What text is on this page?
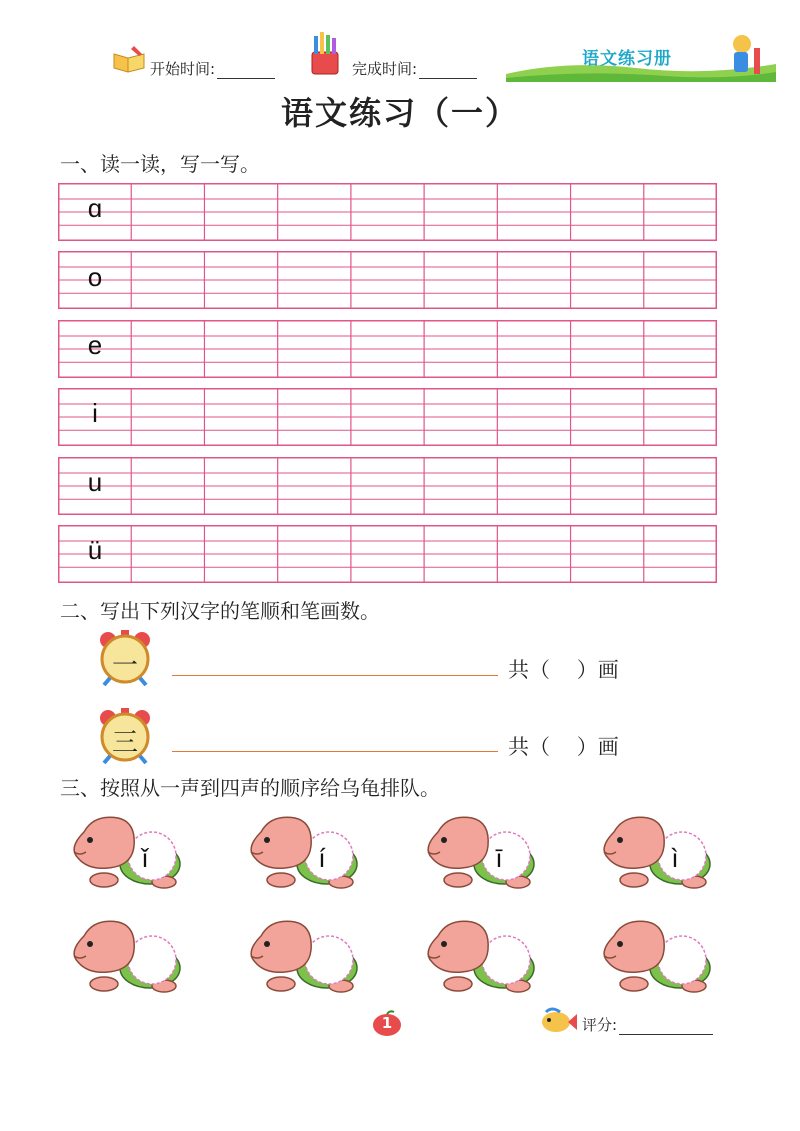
开始时间:	完成时间:	语文练习册
语文练习（一）
一、读一读，写一写。
ɑ
o
e
i
u
ü
二、写出下列汉字的笔顺和笔画数。
一	共（    ）画
三	共（    ）画
三、按照从一声到四声的顺序给乌龟排队。
ǐ	í	ī	ì
1	评分:
